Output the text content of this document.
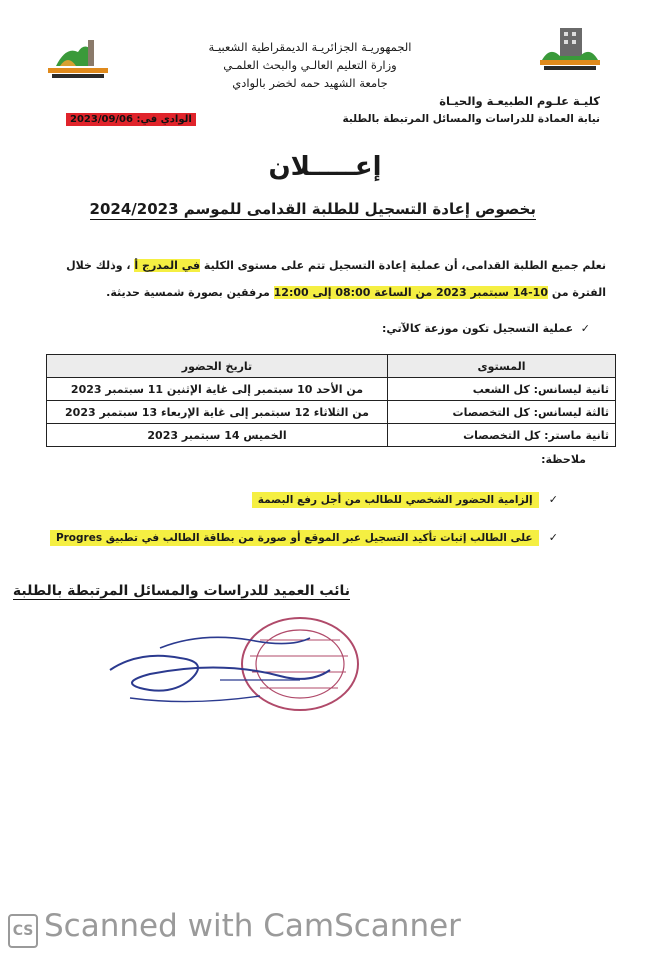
الجمهوريـة الجزائريـة الديمقراطية الشعبيـة
وزارة التعليم العالـي والبحث العلمـي
جامعة الشهيد حمه لخضر بالوادي
كليـة علـوم الطبيعـة والحيـاة
نيابة العمادة للدراسات والمسائل المرتبطة بالطلبة
الوادي في: 2023/09/06
إعـــــلان
بخصوص إعادة التسجيل للطلبة القدامى للموسم 2024/2023
نعلم جميع الطلبة القدامى، أن عملية إعادة التسجيل تتم على مستوى الكلية في المدرج أ ، وذلك خلال
الفترة من 10-14 سبتمبر 2023 من الساعة 08:00 إلى 12:00 مرفقين بصورة شمسية حديثة.
✓  عملية التسجيل تكون موزعة كالآتي:
المستوى	تاريخ الحضور
ثانية ليسانس: كل الشعب	من الأحد 10 سبتمبر إلى غاية الإثنين 11 سبتمبر 2023
ثالثة ليسانس: كل التخصصات	من الثلاثاء 12 سبتمبر إلى غاية الإربعاء 13 سبتمبر 2023
ثانية ماستر: كل التخصصات	الخميس 14 سبتمبر 2023
ملاحظة:
✓  إلزامية الحضور الشخصي للطالب من أجل رفع البصمة
✓  على الطالب إثبات تأكيد التسجيل عبر الموقع أو صورة من بطاقة الطالب في تطبيق Progres
نائب العميد للدراسات والمسائل المرتبطة بالطلبة
CS Scanned with CamScanner
